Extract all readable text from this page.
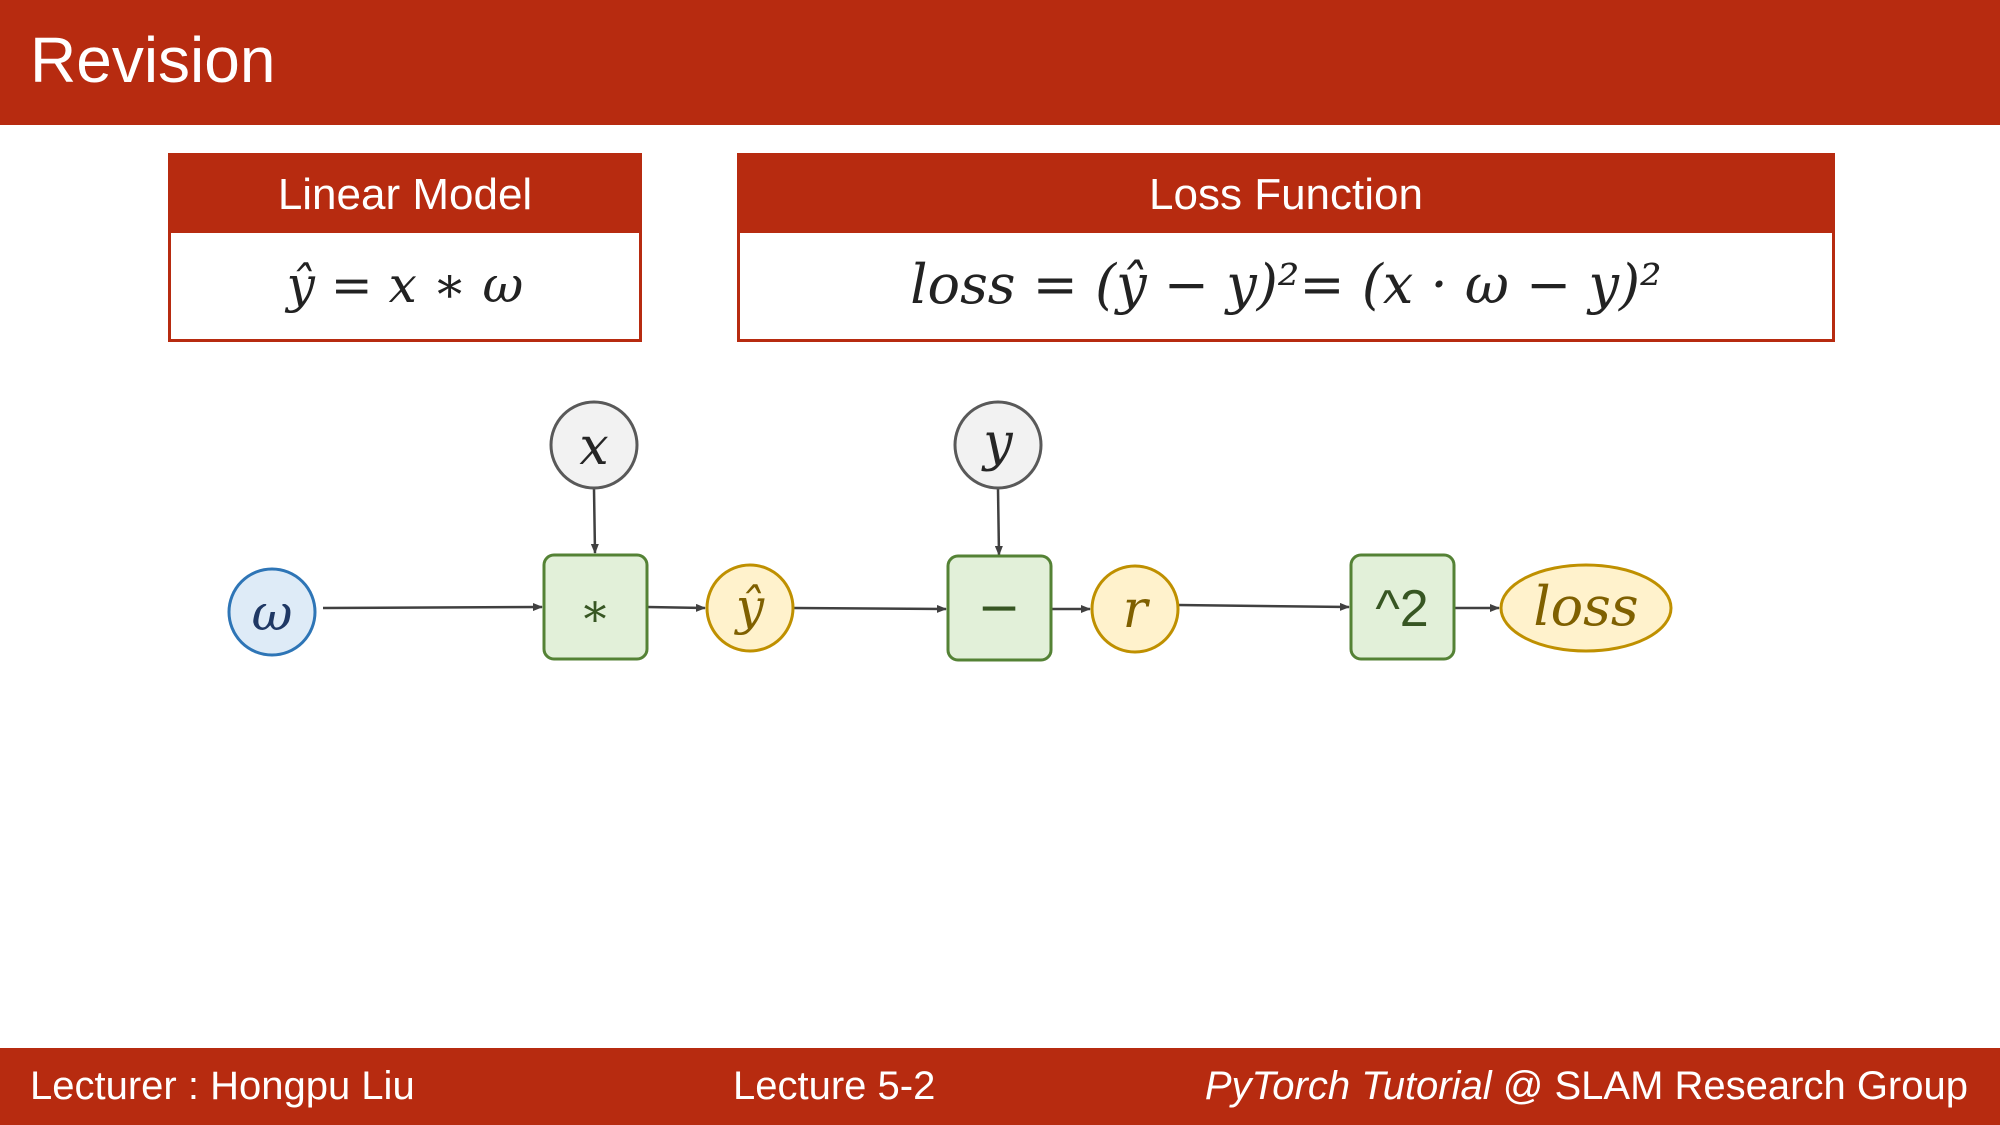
Revision
Linear Model
ŷ = x ∗ ω
Loss Function
loss = (ŷ − y)²= (x · ω − y)²
ω
x
∗	ŷ
y
− r	^2 loss
Lecturer : Hongpu Liu	Lecture 5-2	PyTorch Tutorial @ SLAM Research Group
